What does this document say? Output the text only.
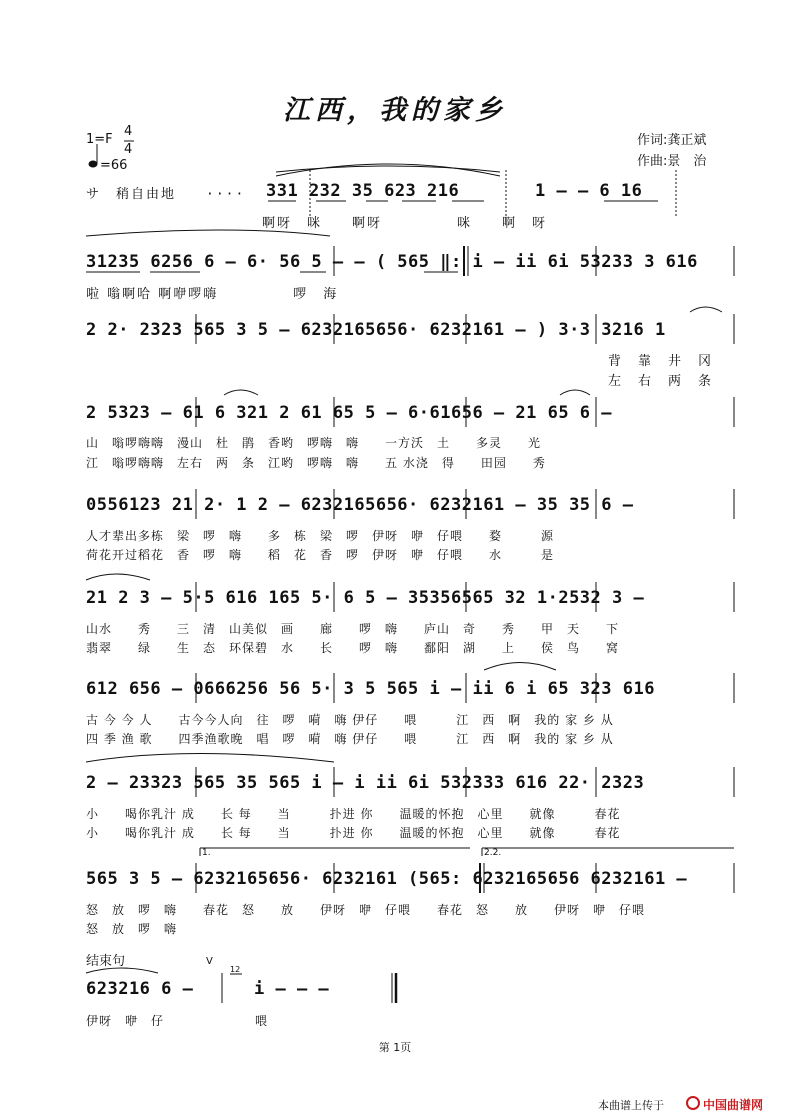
江西，我的家乡
1=F
4
4
=66
作词:龚正斌
作曲:景　治
サ　稍自由地　　···· 331 232 35 623 216	1 — — 6 16
啊呀　咪　　啊呀　　　　　咪　　啊　呀
31235 6256 6 — 6· 56 5 — — ( 565 ‖: i — ii 6i 53233 3 616
啦 嗡啊哈 啊咿啰嗨　　　　　啰　海
2 2· 2323 565 3 5 — 6232165656· 6232161 — ) 3·3 3216 1
背　靠　井　冈
左　右　两　条
2 5323 — 61 6 321 2 61 65 5 — 6·61656 — 21 65 6 —
山　嗡啰嗨嗨　漫山　杜　鹃　香哟　啰嗨　嗨　　一方沃　土　　多灵　　光
江　嗡啰嗨嗨　左右　两　条　江哟　啰嗨　嗨　　五 水浇　得　　田园　　秀
0556123 21 2· 1 2 — 6232165656· 6232161 — 35 35 6 —
人才辈出多栋　梁　啰　嗨　　多　栋　梁　啰　伊呀　咿　仔喂　　婺　　　源
荷花开过稻花　香　啰　嗨　　稻　花　香　啰　伊呀　咿　仔喂　　水　　　是
21 2 3 — 5·5 616 165 5· 6 5 — 35356565 32 1·2532 3 —
山水　　秀　　三　清　山美似　画　　廊　　啰　嗨　　庐山　奇　　秀　　甲　天　　下
翡翠　　绿　　生　态　环保碧　水　　长　　啰　嗨　　鄱阳　湖　　上　　侯　鸟　　窝
612 656 — 0666256 56 5· 3 5 565 i — ii 6 i 65 323 616
古 今 今 人　　古今今人向　往　啰　嗬　嗨 伊仔　　喂　　　江　西　啊　我的 家 乡 从
四 季 渔 歌　　四季渔歌晚　唱　啰　嗬　嗨 伊仔　　喂　　　江　西　啊　我的 家 乡 从
2 — 23323 565 35 565 i — i ii 6i 532333 616 22· 2323
小　　喝你乳汁 成　　长 每　　当　　　扑进 你　　温暖的怀抱　心里　　就像　　　春花
小　　喝你乳汁 成　　长 每　　当　　　扑进 你　　温暖的怀抱　心里　　就像　　　春花
1.	2.2.
565 3 5 — 6232165656· 6232161 (565: 6232165656 6232161 —
怒　放　啰　嗨　　春花　怒　　放　　伊呀　咿　仔喂　　春花　怒　　放　　伊呀　咿　仔喂
怒　放　啰　嗨
结束句	V
623216 6 —	i — — —
伊呀　咿　仔　　　　　　　喂
第 1页
本曲谱上传于	中国曲谱网
12
